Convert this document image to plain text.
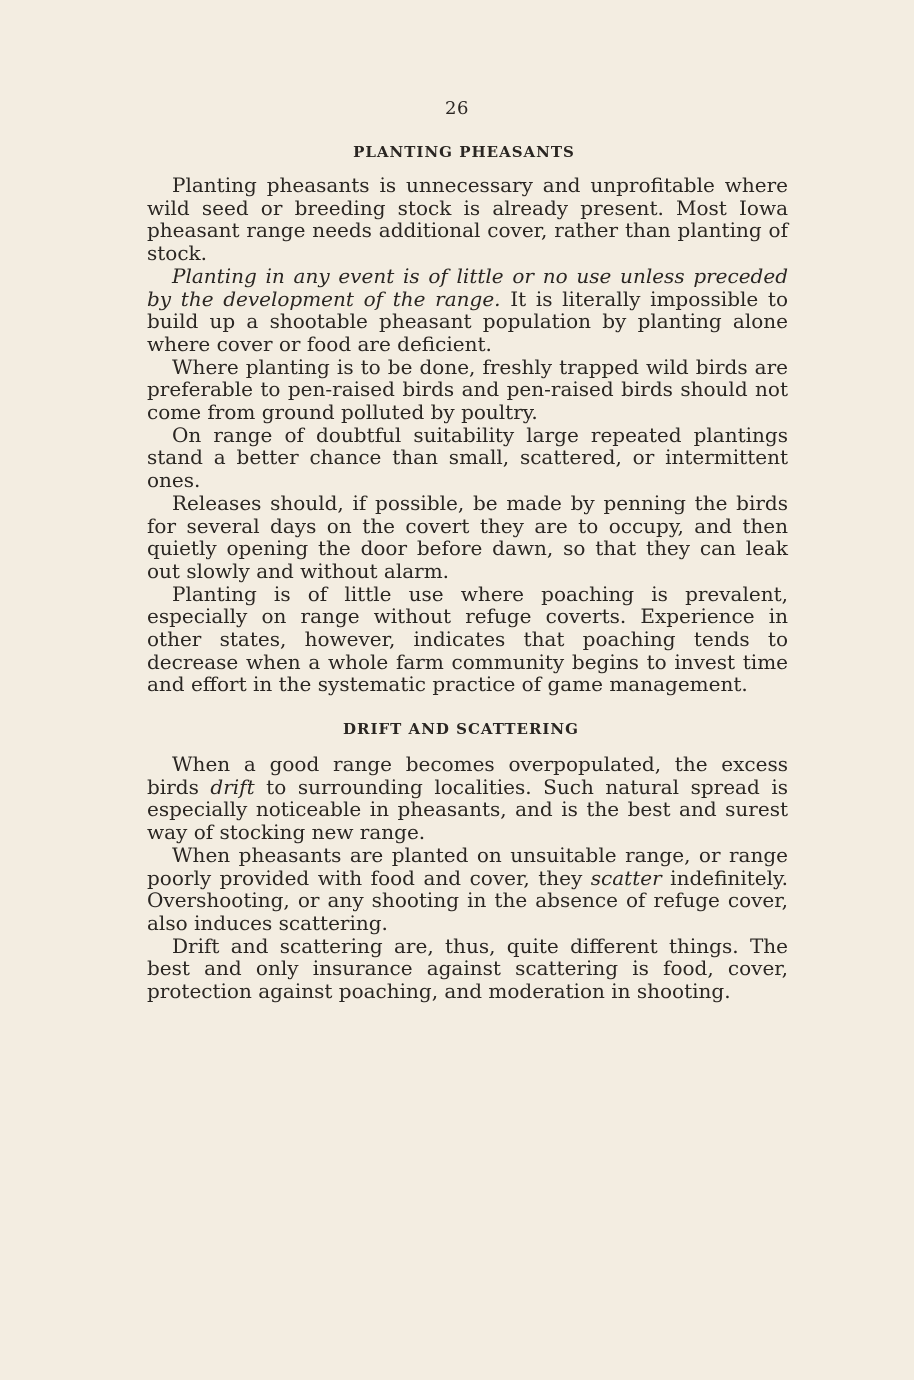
26
PLANTING PHEASANTS

Planting pheasants is unnecessary and unprofitable where wild seed or breeding stock is already present. Most Iowa pheasant range needs additional cover, rather than planting of stock.

Planting in any event is of little or no use unless preceded by the development of the range. It is literally impossible to build up a shootable pheasant population by planting alone where cover or food are deficient.

Where planting is to be done, freshly trapped wild birds are preferable to pen-raised birds and pen-raised birds should not come from ground polluted by poultry.

On range of doubtful suitability large repeated plantings stand a better chance than small, scattered, or intermittent ones.

Releases should, if possible, be made by penning the birds for several days on the covert they are to occupy, and then quietly opening the door before dawn, so that they can leak out slowly and without alarm.

Planting is of little use where poaching is prevalent, especially on range without refuge coverts. Experience in other states, however, indicates that poaching tends to decrease when a whole farm community begins to invest time and effort in the systematic practice of game management.

DRIFT AND SCATTERING

When a good range becomes overpopulated, the excess birds drift to surrounding localities. Such natural spread is especially noticeable in pheasants, and is the best and surest way of stocking new range.

When pheasants are planted on unsuitable range, or range poorly provided with food and cover, they scatter indefinitely. Overshooting, or any shooting in the absence of refuge cover, also induces scattering.

Drift and scattering are, thus, quite different things. The best and only insurance against scattering is food, cover, protection against poaching, and moderation in shooting.
